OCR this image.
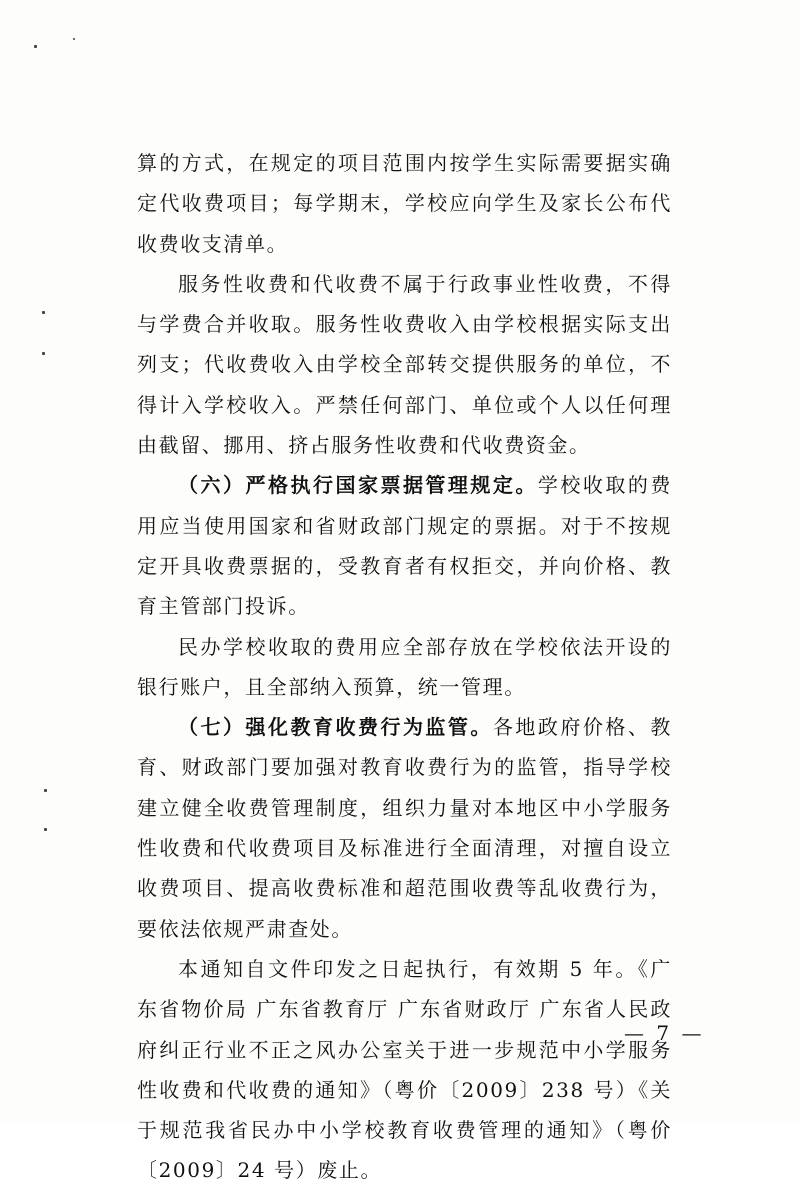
算的方式，在规定的项目范围内按学生实际需要据实确定代收费项目；每学期末，学校应向学生及家长公布代收费收支清单。

服务性收费和代收费不属于行政事业性收费，不得与学费合并收取。服务性收费收入由学校根据实际支出列支；代收费收入由学校全部转交提供服务的单位，不得计入学校收入。严禁任何部门、单位或个人以任何理由截留、挪用、挤占服务性收费和代收费资金。

（六）严格执行国家票据管理规定。学校收取的费用应当使用国家和省财政部门规定的票据。对于不按规定开具收费票据的，受教育者有权拒交，并向价格、教育主管部门投诉。

民办学校收取的费用应全部存放在学校依法开设的银行账户，且全部纳入预算，统一管理。

（七）强化教育收费行为监管。各地政府价格、教育、财政部门要加强对教育收费行为的监管，指导学校建立健全收费管理制度，组织力量对本地区中小学服务性收费和代收费项目及标准进行全面清理，对擅自设立收费项目、提高收费标准和超范围收费等乱收费行为，要依法依规严肃查处。

本通知自文件印发之日起执行，有效期 5 年。《广东省物价局 广东省教育厅 广东省财政厅 广东省人民政府纠正行业不正之风办公室关于进一步规范中小学服务性收费和代收费的通知》（粤价〔2009〕238 号）《关于规范我省民办中小学校教育收费管理的通知》（粤价〔2009〕24 号）废止。

— 7 —
